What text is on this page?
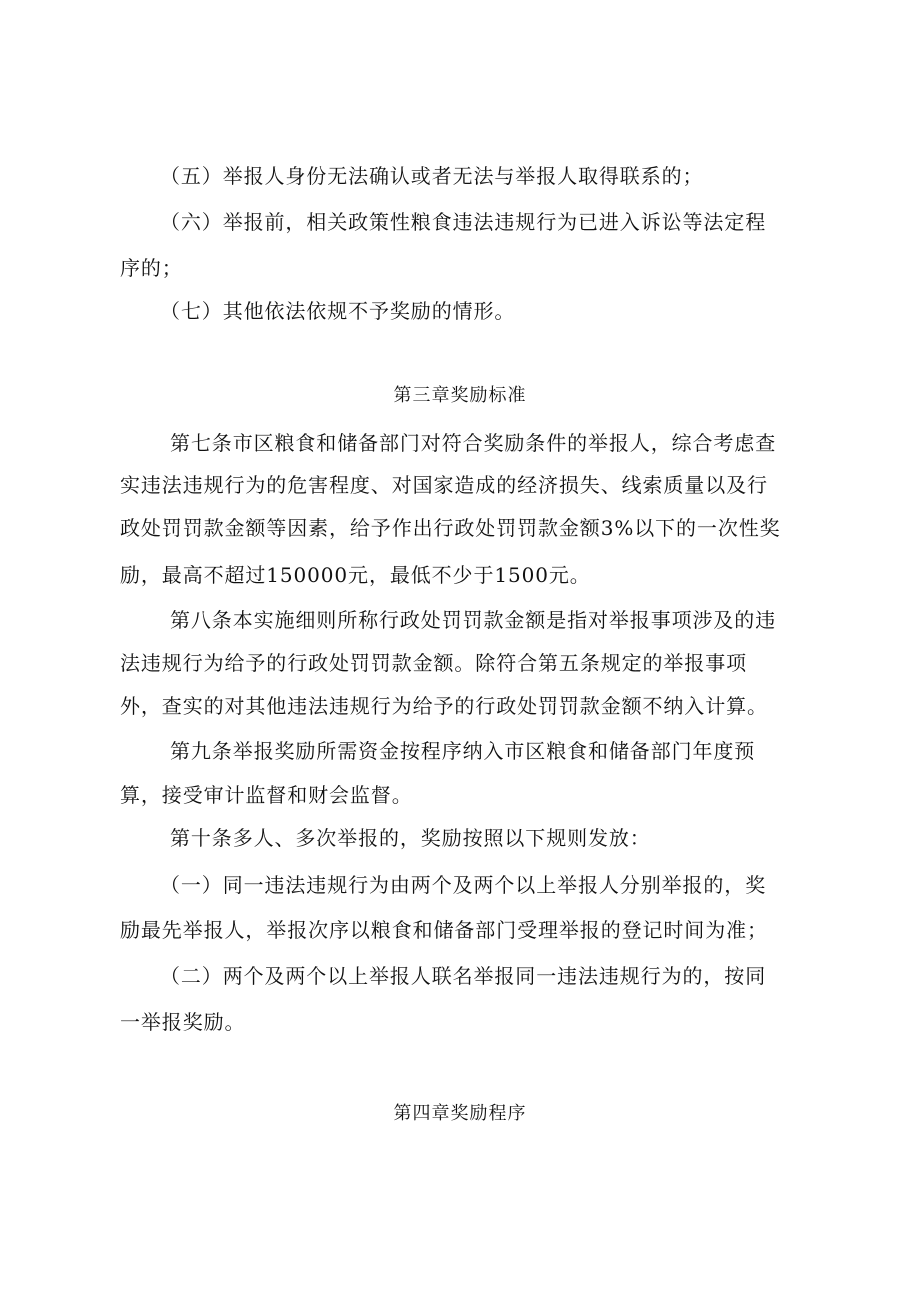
（五）举报人身份无法确认或者无法与举报人取得联系的；
（六）举报前，相关政策性粮食违法违规行为已进入诉讼等法定程
序的；
（七）其他依法依规不予奖励的情形。
第三章奖励标准
第七条市区粮食和储备部门对符合奖励条件的举报人，综合考虑查
实违法违规行为的危害程度、对国家造成的经济损失、线索质量以及行
政处罚罚款金额等因素，给予作出行政处罚罚款金额3%以下的一次性奖
励，最高不超过150000元，最低不少于1500元。
第八条本实施细则所称行政处罚罚款金额是指对举报事项涉及的违
法违规行为给予的行政处罚罚款金额。除符合第五条规定的举报事项
外，查实的对其他违法违规行为给予的行政处罚罚款金额不纳入计算。
第九条举报奖励所需资金按程序纳入市区粮食和储备部门年度预
算，接受审计监督和财会监督。
第十条多人、多次举报的，奖励按照以下规则发放：
（一）同一违法违规行为由两个及两个以上举报人分别举报的，奖
励最先举报人，举报次序以粮食和储备部门受理举报的登记时间为准；
（二）两个及两个以上举报人联名举报同一违法违规行为的，按同
一举报奖励。
第四章奖励程序
